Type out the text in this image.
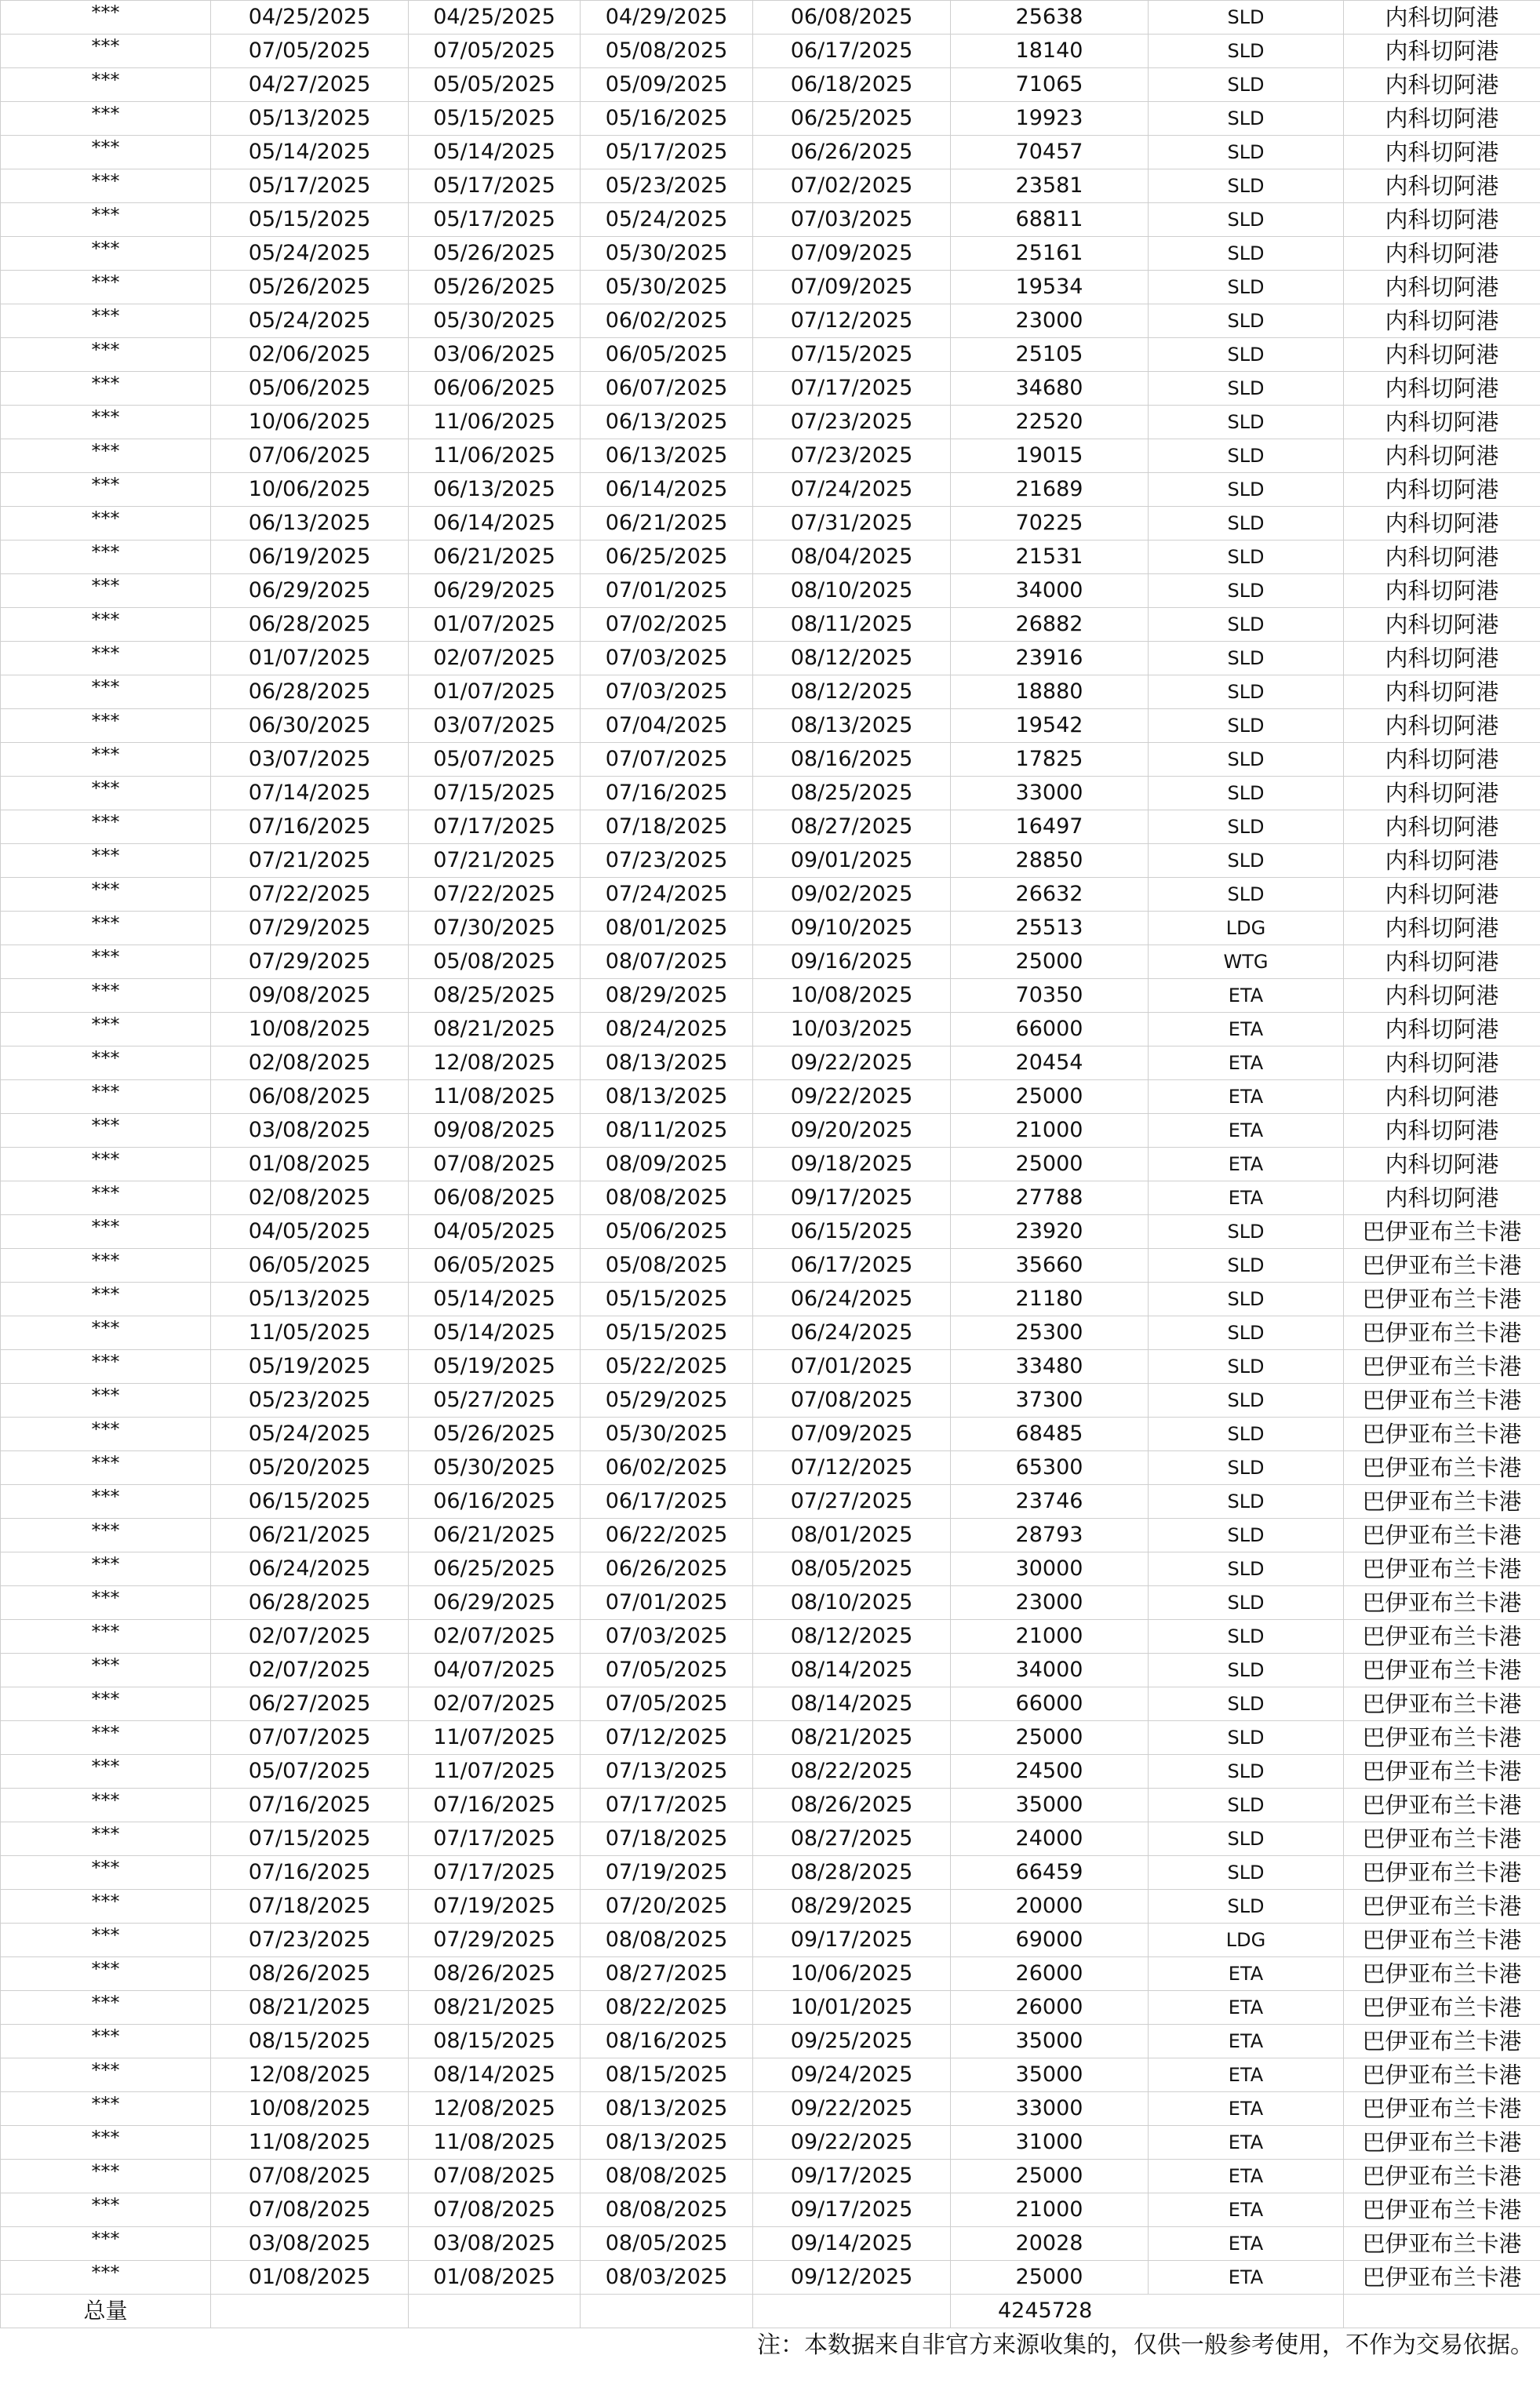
***	04/25/2025	04/25/2025	04/29/2025	06/08/2025	25638	SLD	内科切阿港
***	07/05/2025	07/05/2025	05/08/2025	06/17/2025	18140	SLD	内科切阿港
***	04/27/2025	05/05/2025	05/09/2025	06/18/2025	71065	SLD	内科切阿港
***	05/13/2025	05/15/2025	05/16/2025	06/25/2025	19923	SLD	内科切阿港
***	05/14/2025	05/14/2025	05/17/2025	06/26/2025	70457	SLD	内科切阿港
***	05/17/2025	05/17/2025	05/23/2025	07/02/2025	23581	SLD	内科切阿港
***	05/15/2025	05/17/2025	05/24/2025	07/03/2025	68811	SLD	内科切阿港
***	05/24/2025	05/26/2025	05/30/2025	07/09/2025	25161	SLD	内科切阿港
***	05/26/2025	05/26/2025	05/30/2025	07/09/2025	19534	SLD	内科切阿港
***	05/24/2025	05/30/2025	06/02/2025	07/12/2025	23000	SLD	内科切阿港
***	02/06/2025	03/06/2025	06/05/2025	07/15/2025	25105	SLD	内科切阿港
***	05/06/2025	06/06/2025	06/07/2025	07/17/2025	34680	SLD	内科切阿港
***	10/06/2025	11/06/2025	06/13/2025	07/23/2025	22520	SLD	内科切阿港
***	07/06/2025	11/06/2025	06/13/2025	07/23/2025	19015	SLD	内科切阿港
***	10/06/2025	06/13/2025	06/14/2025	07/24/2025	21689	SLD	内科切阿港
***	06/13/2025	06/14/2025	06/21/2025	07/31/2025	70225	SLD	内科切阿港
***	06/19/2025	06/21/2025	06/25/2025	08/04/2025	21531	SLD	内科切阿港
***	06/29/2025	06/29/2025	07/01/2025	08/10/2025	34000	SLD	内科切阿港
***	06/28/2025	01/07/2025	07/02/2025	08/11/2025	26882	SLD	内科切阿港
***	01/07/2025	02/07/2025	07/03/2025	08/12/2025	23916	SLD	内科切阿港
***	06/28/2025	01/07/2025	07/03/2025	08/12/2025	18880	SLD	内科切阿港
***	06/30/2025	03/07/2025	07/04/2025	08/13/2025	19542	SLD	内科切阿港
***	03/07/2025	05/07/2025	07/07/2025	08/16/2025	17825	SLD	内科切阿港
***	07/14/2025	07/15/2025	07/16/2025	08/25/2025	33000	SLD	内科切阿港
***	07/16/2025	07/17/2025	07/18/2025	08/27/2025	16497	SLD	内科切阿港
***	07/21/2025	07/21/2025	07/23/2025	09/01/2025	28850	SLD	内科切阿港
***	07/22/2025	07/22/2025	07/24/2025	09/02/2025	26632	SLD	内科切阿港
***	07/29/2025	07/30/2025	08/01/2025	09/10/2025	25513	LDG	内科切阿港
***	07/29/2025	05/08/2025	08/07/2025	09/16/2025	25000	WTG	内科切阿港
***	09/08/2025	08/25/2025	08/29/2025	10/08/2025	70350	ETA	内科切阿港
***	10/08/2025	08/21/2025	08/24/2025	10/03/2025	66000	ETA	内科切阿港
***	02/08/2025	12/08/2025	08/13/2025	09/22/2025	20454	ETA	内科切阿港
***	06/08/2025	11/08/2025	08/13/2025	09/22/2025	25000	ETA	内科切阿港
***	03/08/2025	09/08/2025	08/11/2025	09/20/2025	21000	ETA	内科切阿港
***	01/08/2025	07/08/2025	08/09/2025	09/18/2025	25000	ETA	内科切阿港
***	02/08/2025	06/08/2025	08/08/2025	09/17/2025	27788	ETA	内科切阿港
***	04/05/2025	04/05/2025	05/06/2025	06/15/2025	23920	SLD	巴伊亚布兰卡港
***	06/05/2025	06/05/2025	05/08/2025	06/17/2025	35660	SLD	巴伊亚布兰卡港
***	05/13/2025	05/14/2025	05/15/2025	06/24/2025	21180	SLD	巴伊亚布兰卡港
***	11/05/2025	05/14/2025	05/15/2025	06/24/2025	25300	SLD	巴伊亚布兰卡港
***	05/19/2025	05/19/2025	05/22/2025	07/01/2025	33480	SLD	巴伊亚布兰卡港
***	05/23/2025	05/27/2025	05/29/2025	07/08/2025	37300	SLD	巴伊亚布兰卡港
***	05/24/2025	05/26/2025	05/30/2025	07/09/2025	68485	SLD	巴伊亚布兰卡港
***	05/20/2025	05/30/2025	06/02/2025	07/12/2025	65300	SLD	巴伊亚布兰卡港
***	06/15/2025	06/16/2025	06/17/2025	07/27/2025	23746	SLD	巴伊亚布兰卡港
***	06/21/2025	06/21/2025	06/22/2025	08/01/2025	28793	SLD	巴伊亚布兰卡港
***	06/24/2025	06/25/2025	06/26/2025	08/05/2025	30000	SLD	巴伊亚布兰卡港
***	06/28/2025	06/29/2025	07/01/2025	08/10/2025	23000	SLD	巴伊亚布兰卡港
***	02/07/2025	02/07/2025	07/03/2025	08/12/2025	21000	SLD	巴伊亚布兰卡港
***	02/07/2025	04/07/2025	07/05/2025	08/14/2025	34000	SLD	巴伊亚布兰卡港
***	06/27/2025	02/07/2025	07/05/2025	08/14/2025	66000	SLD	巴伊亚布兰卡港
***	07/07/2025	11/07/2025	07/12/2025	08/21/2025	25000	SLD	巴伊亚布兰卡港
***	05/07/2025	11/07/2025	07/13/2025	08/22/2025	24500	SLD	巴伊亚布兰卡港
***	07/16/2025	07/16/2025	07/17/2025	08/26/2025	35000	SLD	巴伊亚布兰卡港
***	07/15/2025	07/17/2025	07/18/2025	08/27/2025	24000	SLD	巴伊亚布兰卡港
***	07/16/2025	07/17/2025	07/19/2025	08/28/2025	66459	SLD	巴伊亚布兰卡港
***	07/18/2025	07/19/2025	07/20/2025	08/29/2025	20000	SLD	巴伊亚布兰卡港
***	07/23/2025	07/29/2025	08/08/2025	09/17/2025	69000	LDG	巴伊亚布兰卡港
***	08/26/2025	08/26/2025	08/27/2025	10/06/2025	26000	ETA	巴伊亚布兰卡港
***	08/21/2025	08/21/2025	08/22/2025	10/01/2025	26000	ETA	巴伊亚布兰卡港
***	08/15/2025	08/15/2025	08/16/2025	09/25/2025	35000	ETA	巴伊亚布兰卡港
***	12/08/2025	08/14/2025	08/15/2025	09/24/2025	35000	ETA	巴伊亚布兰卡港
***	10/08/2025	12/08/2025	08/13/2025	09/22/2025	33000	ETA	巴伊亚布兰卡港
***	11/08/2025	11/08/2025	08/13/2025	09/22/2025	31000	ETA	巴伊亚布兰卡港
***	07/08/2025	07/08/2025	08/08/2025	09/17/2025	25000	ETA	巴伊亚布兰卡港
***	07/08/2025	07/08/2025	08/08/2025	09/17/2025	21000	ETA	巴伊亚布兰卡港
***	03/08/2025	03/08/2025	08/05/2025	09/14/2025	20028	ETA	巴伊亚布兰卡港
***	01/08/2025	01/08/2025	08/03/2025	09/12/2025	25000	ETA	巴伊亚布兰卡港
总量					4245728		
注：本数据来自非官方来源收集的，仅供一般参考使用，不作为交易依据。
